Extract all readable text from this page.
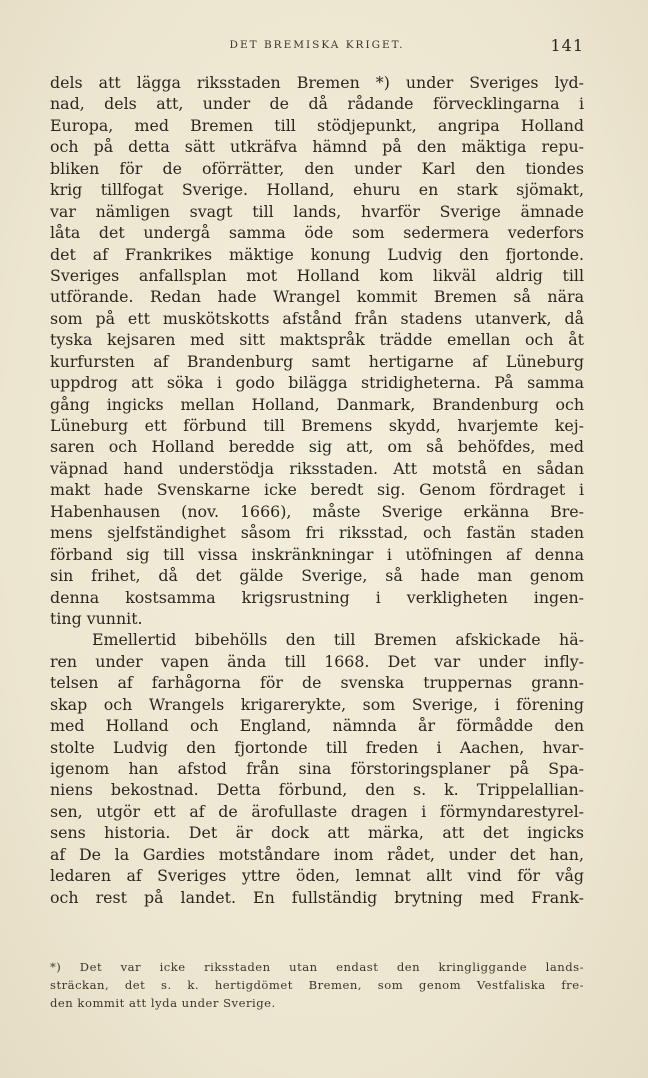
DET BREMISKA KRIGET.	141
dels att lägga riksstaden Bremen *) under Sveriges lyd-
nad, dels att, under de då rådande förvecklingarna i
Europa, med Bremen till stödjepunkt, angripa Holland
och på detta sätt utkräfva hämnd på den mäktiga repu-
bliken för de oförrätter, den under Karl den tiondes
krig tillfogat Sverige. Holland, ehuru en stark sjömakt,
var nämligen svagt till lands, hvarför Sverige ämnade
låta det undergå samma öde som sedermera vederfors
det af Frankrikes mäktige konung Ludvig den fjortonde.
Sveriges anfallsplan mot Holland kom likväl aldrig till
utförande. Redan hade Wrangel kommit Bremen så nära
som på ett muskötskotts afstånd från stadens utanverk, då
tyska kejsaren med sitt maktspråk trädde emellan och åt
kurfursten af Brandenburg samt hertigarne af Lüneburg
uppdrog att söka i godo bilägga stridigheterna. På samma
gång ingicks mellan Holland, Danmark, Brandenburg och
Lüneburg ett förbund till Bremens skydd, hvarjemte kej-
saren och Holland beredde sig att, om så behöfdes, med
väpnad hand understödja riksstaden. Att motstå en sådan
makt hade Svenskarne icke beredt sig. Genom fördraget i
Habenhausen (nov. 1666), måste Sverige erkänna Bre-
mens sjelfständighet såsom fri riksstad, och fastän staden
förband sig till vissa inskränkningar i utöfningen af denna
sin frihet, då det gälde Sverige, så hade man genom
denna kostsamma krigsrustning i verkligheten ingen-
ting vunnit.
Emellertid bibehölls den till Bremen afskickade hä-
ren under vapen ända till 1668. Det var under infly-
telsen af farhågorna för de svenska truppernas grann-
skap och Wrangels krigarerykte, som Sverige, i förening
med Holland och England, nämnda år förmådde den
stolte Ludvig den fjortonde till freden i Aachen, hvar-
igenom han afstod från sina förstoringsplaner på Spa-
niens bekostnad. Detta förbund, den s. k. Trippelallian-
sen, utgör ett af de ärofullaste dragen i förmyndarestyrel-
sens historia. Det är dock att märka, att det ingicks
af De la Gardies motståndare inom rådet, under det han,
ledaren af Sveriges yttre öden, lemnat allt vind för våg
och rest på landet. En fullständig brytning med Frank-
*) Det var icke riksstaden utan endast den kringliggande lands-
sträckan, det s. k. hertigdömet Bremen, som genom Vestfaliska fre-
den kommit att lyda under Sverige.
